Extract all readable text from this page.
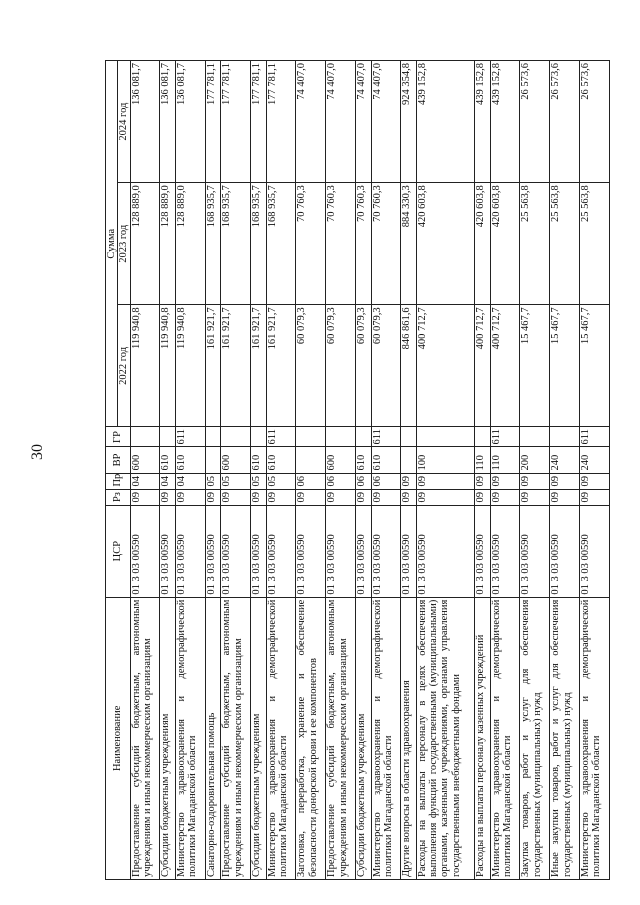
30
Наименование	ЦСР	Рз	Пр	ВР	ГР	Сумма		
						2022 год	2023 год	2024 год
Предоставление субсидий бюджетным, автономным учреждениям и иным некоммерческим организациям	01 3 03 00590	09	04	600		119 940,8	128 889,0	136 081,7
Субсидии бюджетным учреждениям	01 3 03 00590	09	04	610		119 940,8	128 889,0	136 081,7
Министерство здравоохранения и демографической политики Магаданской области	01 3 03 00590	09	04	610	611	119 940,8	128 889,0	136 081,7
Санаторно-оздоровительная помощь	01 3 03 00590	09	05			161 921,7	168 935,7	177 781,1
Предоставление субсидий бюджетным, автономным учреждениям и иным некоммерческим организациям	01 3 03 00590	09	05	600		161 921,7	168 935,7	177 781,1
Субсидии бюджетным учреждениям	01 3 03 00590	09	05	610		161 921,7	168 935,7	177 781,1
Министерство здравоохранения и демографической политики Магаданской области	01 3 03 00590	09	05	610	611	161 921,7	168 935,7	177 781,1
Заготовка, переработка, хранение и обеспечение безопасности донорской крови и ее компонентов	01 3 03 00590	09	06			60 079,3	70 760,3	74 407,0
Предоставление субсидий бюджетным, автономным учреждениям и иным некоммерческим организациям	01 3 03 00590	09	06	600		60 079,3	70 760,3	74 407,0
Субсидии бюджетным учреждениям	01 3 03 00590	09	06	610		60 079,3	70 760,3	74 407,0
Министерство здравоохранения и демографической политики Магаданской области	01 3 03 00590	09	06	610	611	60 079,3	70 760,3	74 407,0
Другие вопросы в области здравоохранения	01 3 03 00590	09	09			846 861,6	884 330,3	924 354,8
Расходы на выплаты персоналу в целях обеспечения выполнения функций государственными (муниципальными) органами, казенными учреждениями, органами управления государственными внебюджетными фондами	01 3 03 00590	09	09	100		400 712,7	420 603,8	439 152,8
Расходы на выплаты персоналу казенных учреждений	01 3 03 00590	09	09	110		400 712,7	420 603,8	439 152,8
Министерство здравоохранения и демографической политики Магаданской области	01 3 03 00590	09	09	110	611	400 712,7	420 603,8	439 152,8
Закупка товаров, работ и услуг для обеспечения государственных (муниципальных) нужд	01 3 03 00590	09	09	200		15 467,7	25 563,8	26 573,6
Иные закупки товаров, работ и услуг для обеспечения государственных (муниципальных) нужд	01 3 03 00590	09	09	240		15 467,7	25 563,8	26 573,6
Министерство здравоохранения и демографической политики Магаданской области	01 3 03 00590	09	09	240	611	15 467,7	25 563,8	26 573,6
